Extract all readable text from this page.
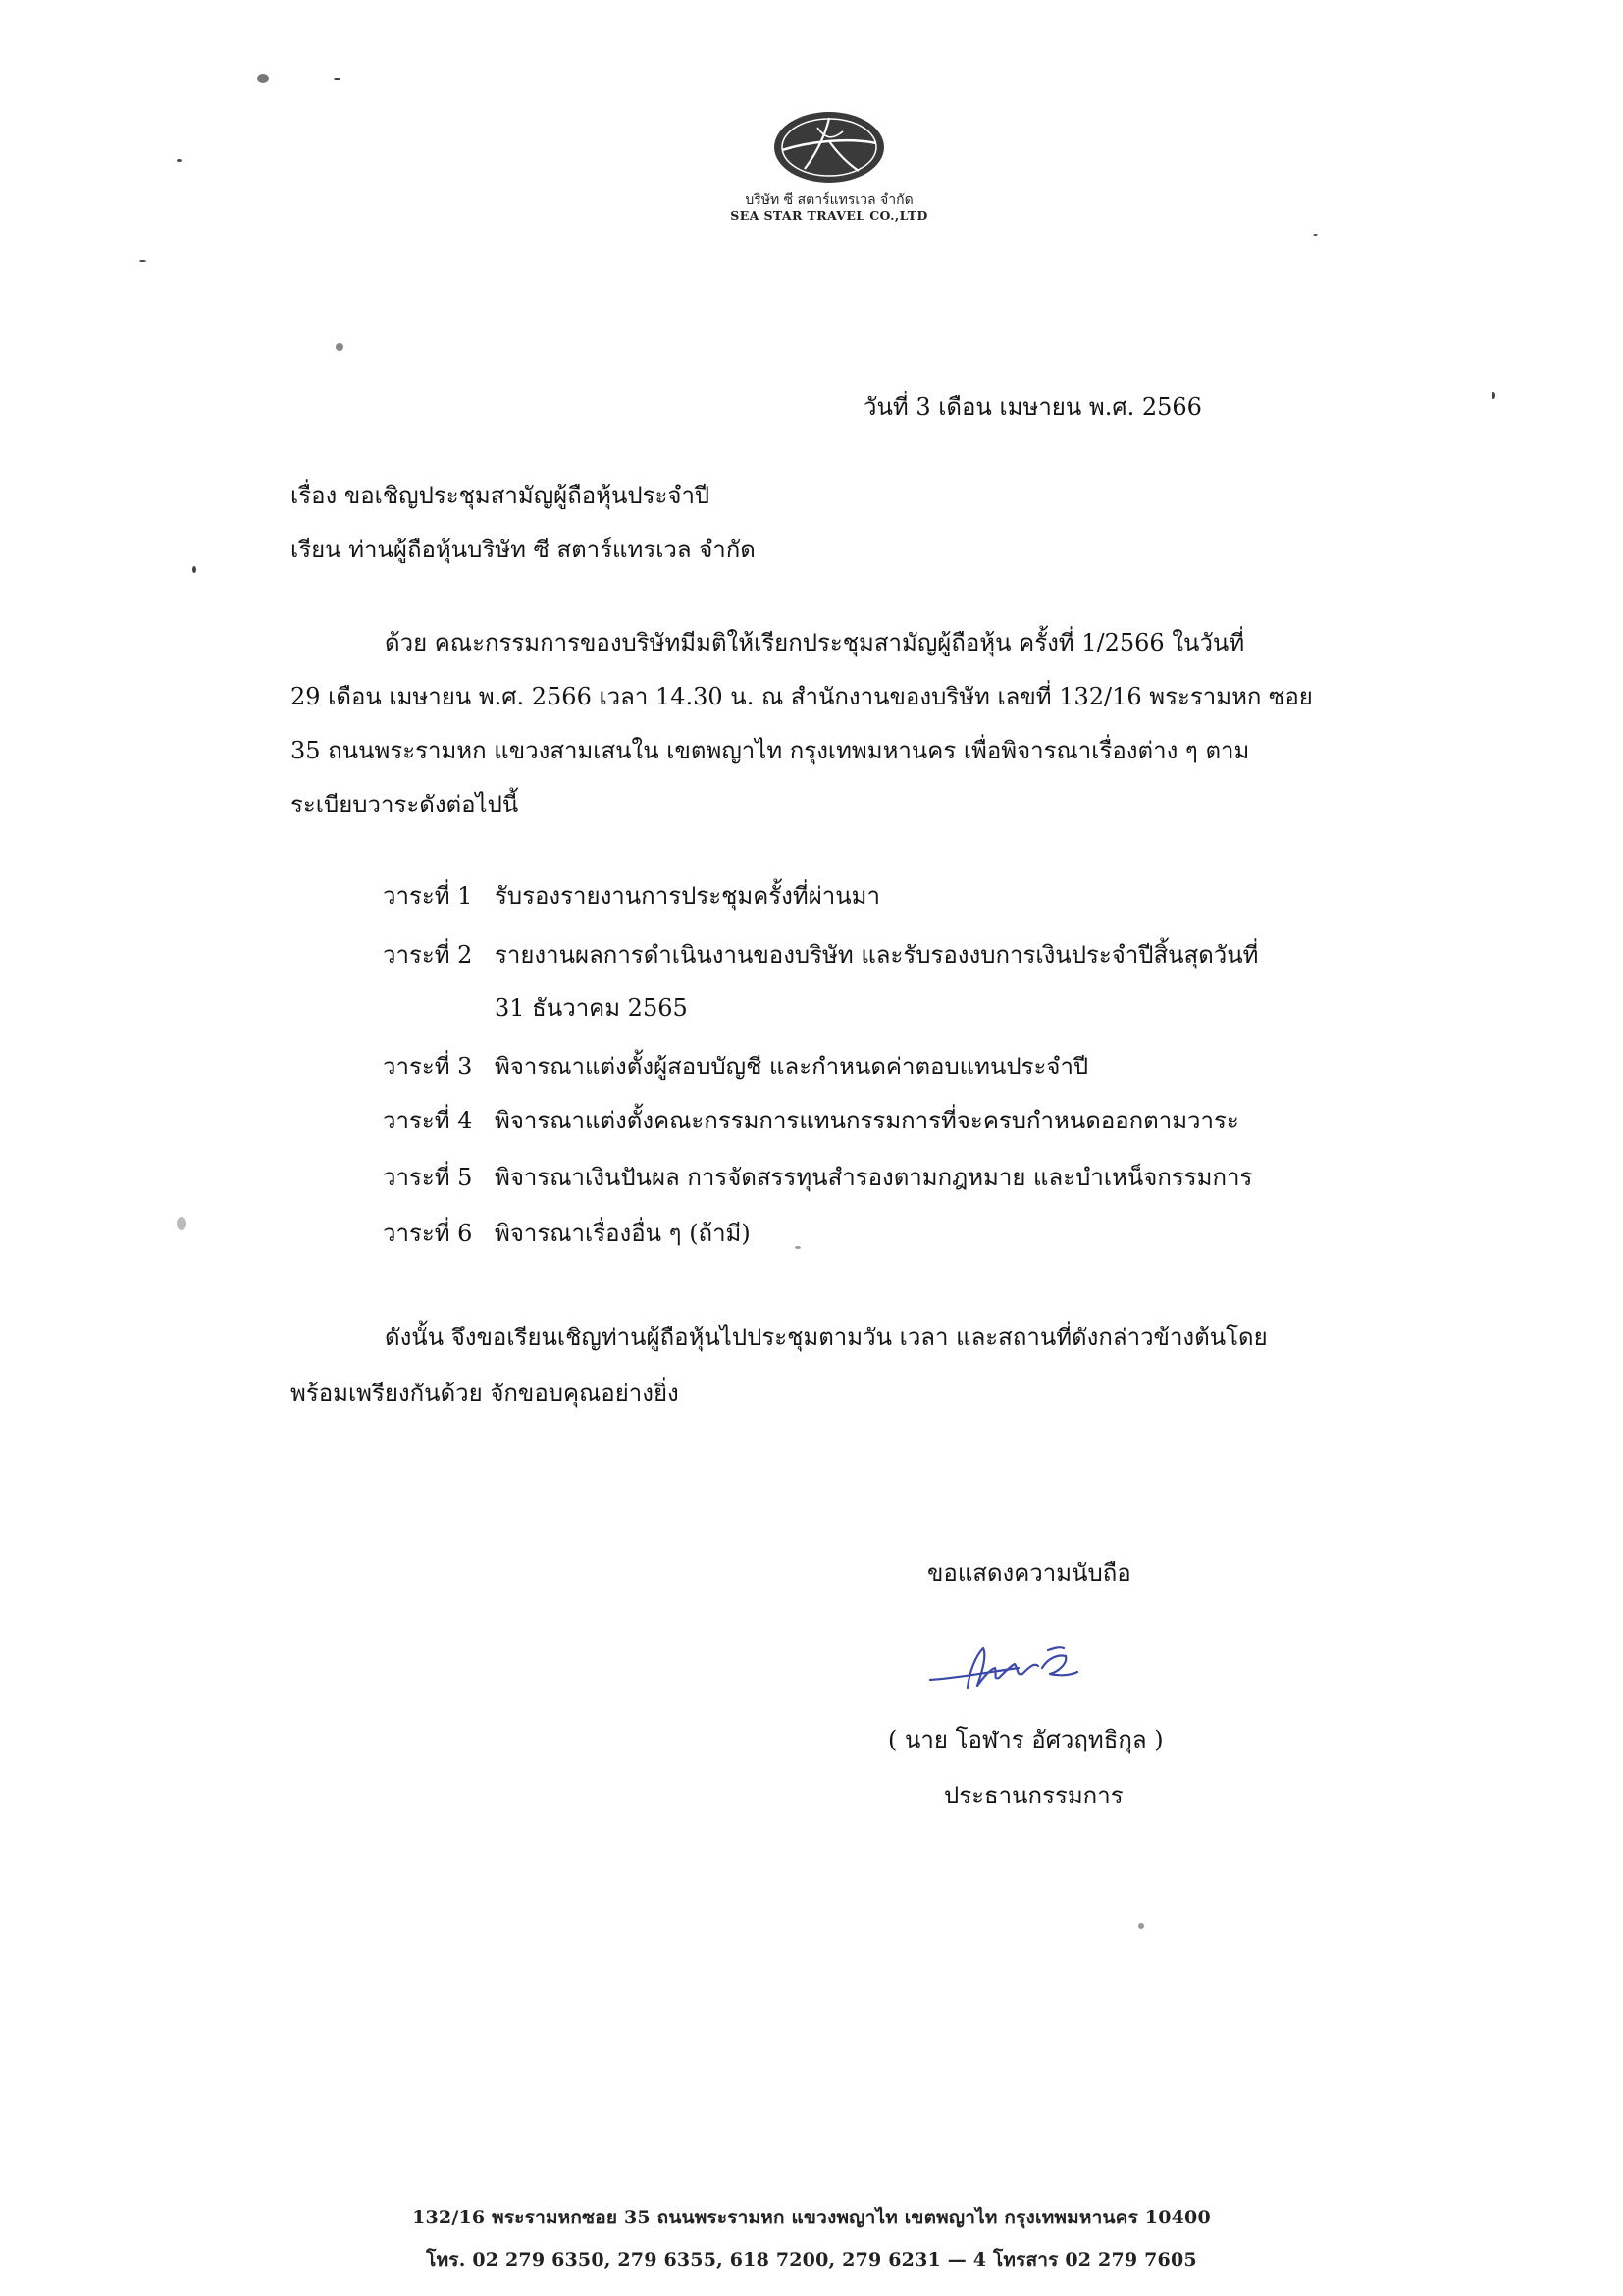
บริษัท ซี สตาร์แทรเวล จำกัด
SEA STAR TRAVEL CO.,LTD
วันที่ 3 เดือน เมษายน พ.ศ. 2566
เรื่อง ขอเชิญประชุมสามัญผู้ถือหุ้นประจำปี
เรียน ท่านผู้ถือหุ้นบริษัท ซี สตาร์แทรเวล จำกัด
ด้วย คณะกรรมการของบริษัทมีมติให้เรียกประชุมสามัญผู้ถือหุ้น ครั้งที่ 1/2566 ในวันที่
29 เดือน เมษายน พ.ศ. 2566 เวลา 14.30 น. ณ สำนักงานของบริษัท เลขที่ 132/16 พระรามหก ซอย
35 ถนนพระรามหก แขวงสามเสนใน เขตพญาไท กรุงเทพมหานคร เพื่อพิจารณาเรื่องต่าง ๆ ตาม
ระเบียบวาระดังต่อไปนี้
วาระที่ 1 รับรองรายงานการประชุมครั้งที่ผ่านมา
วาระที่ 2 รายงานผลการดำเนินงานของบริษัท และรับรองงบการเงินประจำปีสิ้นสุดวันที่
31 ธันวาคม 2565
วาระที่ 3 พิจารณาแต่งตั้งผู้สอบบัญชี และกำหนดค่าตอบแทนประจำปี
วาระที่ 4 พิจารณาแต่งตั้งคณะกรรมการแทนกรรมการที่จะครบกำหนดออกตามวาระ
วาระที่ 5 พิจารณาเงินปันผล การจัดสรรทุนสำรองตามกฎหมาย และบำเหน็จกรรมการ
วาระที่ 6 พิจารณาเรื่องอื่น ๆ (ถ้ามี)
ดังนั้น จึงขอเรียนเชิญท่านผู้ถือหุ้นไปประชุมตามวัน เวลา และสถานที่ดังกล่าวข้างต้นโดย
พร้อมเพรียงกันด้วย จักขอบคุณอย่างยิ่ง
ขอแสดงความนับถือ
( นาย โอฬาร อัศวฤทธิกุล )
ประธานกรรมการ
132/16 พระรามหกซอย 35 ถนนพระรามหก แขวงพญาไท เขตพญาไท กรุงเทพมหานคร 10400
โทร. 02 279 6350, 279 6355, 618 7200, 279 6231 — 4 โทรสาร 02 279 7605
